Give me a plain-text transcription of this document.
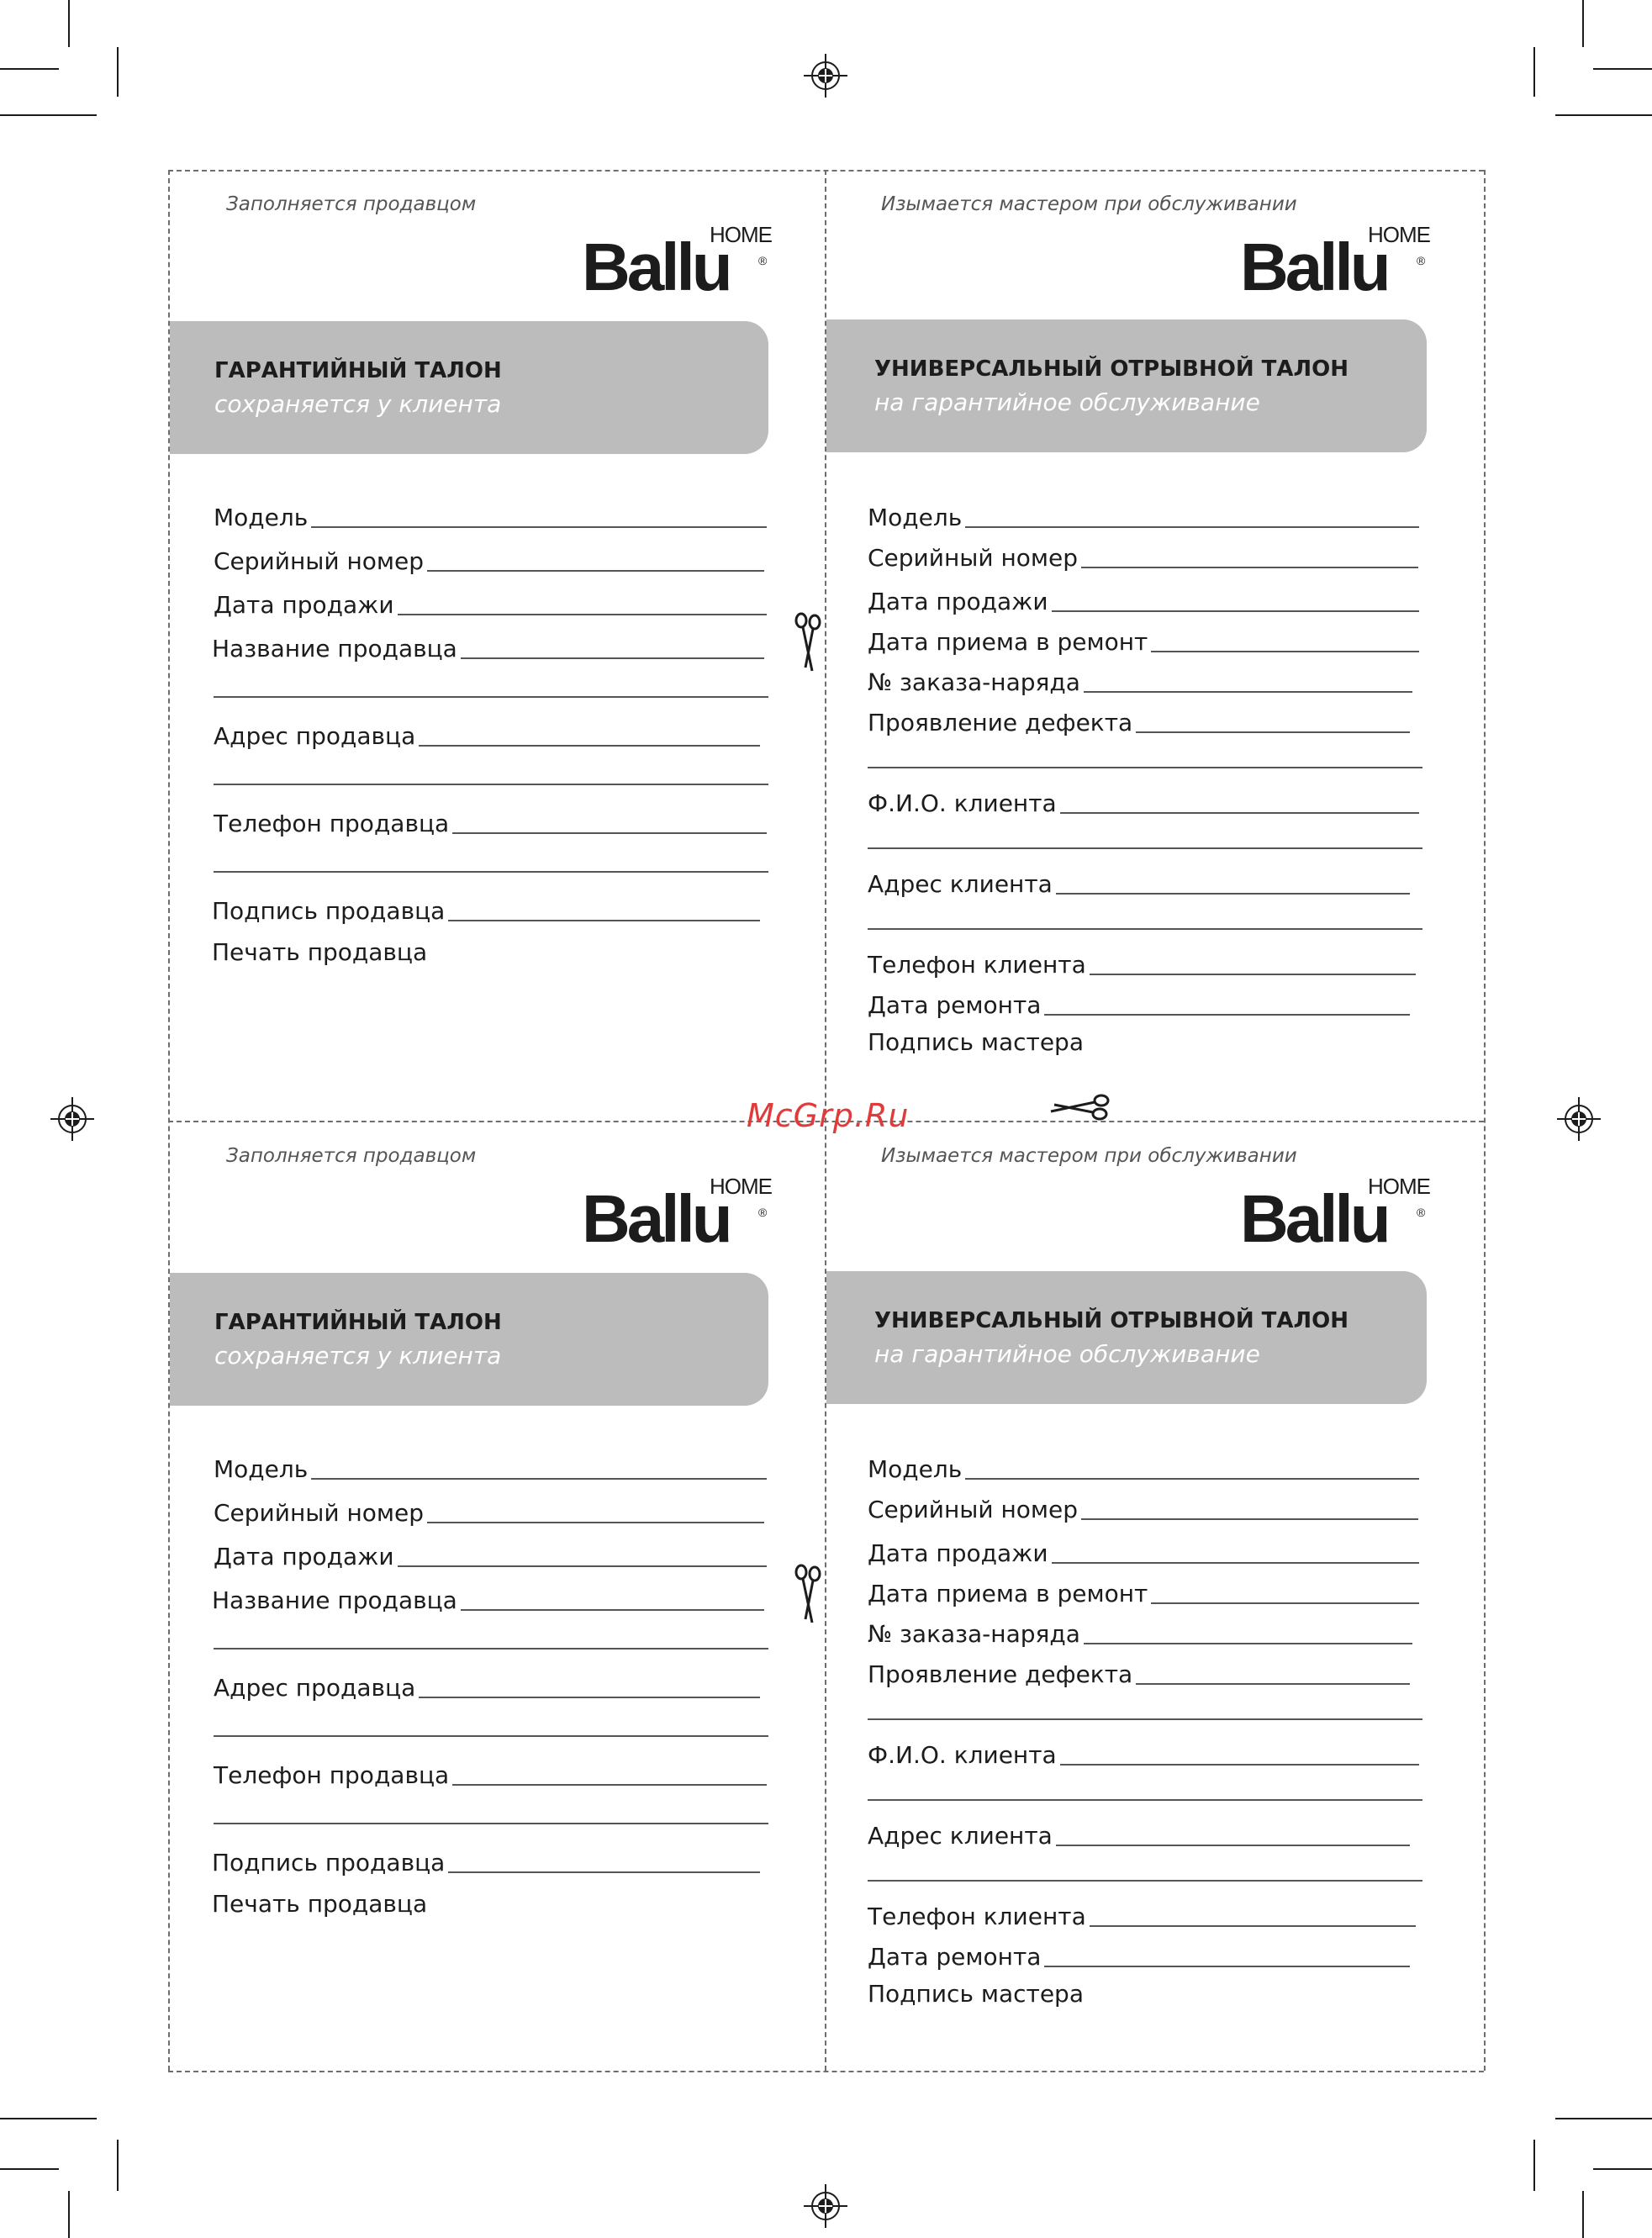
McGrp.Ru
Заполняется продавцом
Ballu
HOME
®
ГАРАНТИЙНЫЙ ТАЛОН
сохраняется у клиента
Модель
Серийный номер
Дата продажи
Название продавца
Адрес продавца
Телефон продавца
Подпись продавца
Печать продавца
Изымается мастером при обслуживании
Ballu
HOME
®
УНИВЕРСАЛЬНЫЙ ОТРЫВНОЙ ТАЛОН
на гарантийное обслуживание
Модель
Серийный номер
Дата продажи
Дата приема в ремонт
№ заказа-наряда
Проявление дефекта
Ф.И.О. клиента
Адрес клиента
Телефон клиента
Дата ремонта
Подпись мастера
Заполняется продавцом
Ballu
HOME
®
ГАРАНТИЙНЫЙ ТАЛОН
сохраняется у клиента
Модель
Серийный номер
Дата продажи
Название продавца
Адрес продавца
Телефон продавца
Подпись продавца
Печать продавца
Изымается мастером при обслуживании
Ballu
HOME
®
УНИВЕРСАЛЬНЫЙ ОТРЫВНОЙ ТАЛОН
на гарантийное обслуживание
Модель
Серийный номер
Дата продажи
Дата приема в ремонт
№ заказа-наряда
Проявление дефекта
Ф.И.О. клиента
Адрес клиента
Телефон клиента
Дата ремонта
Подпись мастера
